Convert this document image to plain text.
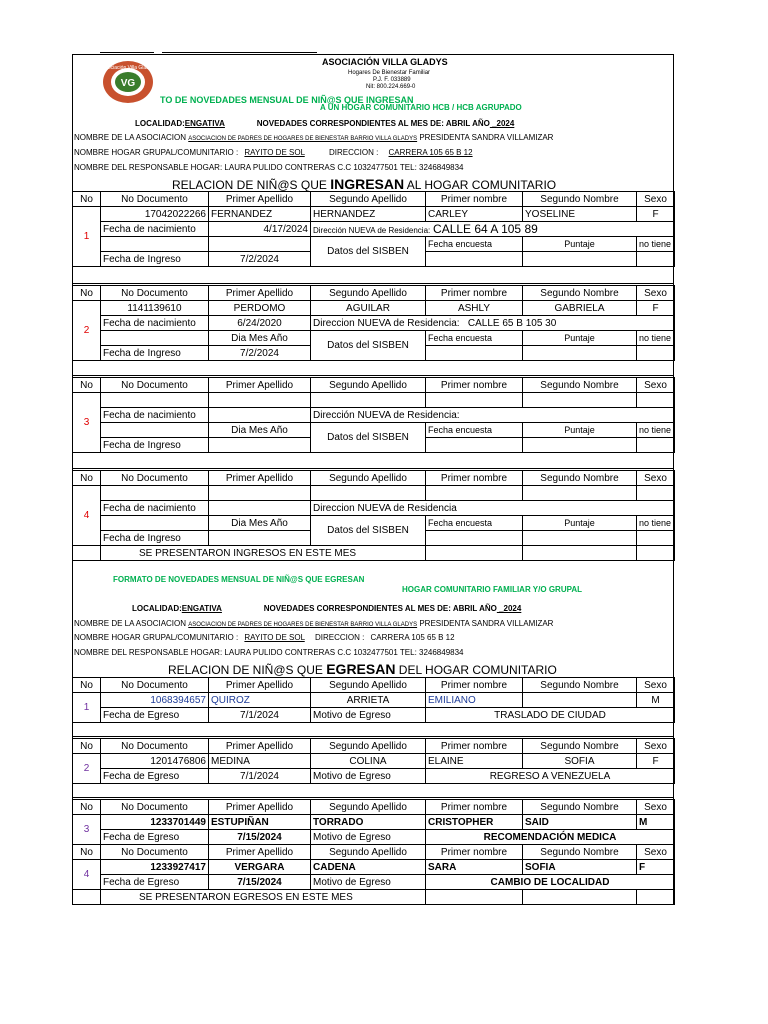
VG
Asociación Villa Gladys
ASOCIACIÓN VILLA GLADYS
Hogares De Bienestar Familiar
P.J. F. 033889
Nit: 800.224.669-0
TO DE NOVEDADES MENSUAL DE NIÑ@S QUE INGRESAN
A UN HOGAR COMUNITARIO HCB / HCB AGRUPADO
LOCALIDAD:ENGATIVA	NOVEDADES CORRESPONDIENTES AL MES DE: ABRIL AÑO _2024
NOMBRE DE LA ASOCIACION ASOCIACION DE PADRES DE HOGARES DE BIENESTAR BARRIO VILLA GLADYS PRESIDENTA SANDRA VILLAMIZAR
NOMBRE HOGAR GRUPAL/COMUNITARIO : RAYITO DE SOL	DIRECCION : CARRERA 105 65 B 12
NOMBRE DEL RESPONSABLE HOGAR: LAURA PULIDO CONTRERAS C.C 1032477501 TEL: 3246849834
RELACION DE NIÑ@S QUE INGRESAN AL HOGAR COMUNITARIO
No	No Documento	Primer Apellido	Segundo Apellido	Primer nombre	Segundo Nombre	Sexo
1	17042022266	FERNANDEZ	HERNANDEZ	CARLEY	YOSELINE	F
	Fecha de nacimiento	4/17/2024	Dirección NUEVA de Residencia: CALLE 64 A 105 89			
			Datos del SISBEN	Fecha encuesta	Puntaje	no tiene
	Fecha de Ingreso	7/2/2024				
No	No Documento	Primer Apellido	Segundo Apellido	Primer nombre	Segundo Nombre	Sexo
2	1141139610	PERDOMO	AGUILAR	ASHLY	GABRIELA	F
	Fecha de nacimiento	6/24/2020	Direccion NUEVA de Residencia: CALLE 65 B 105 30			
		Dia Mes Año	Datos del SISBEN	Fecha encuesta	Puntaje	no tiene
	Fecha de Ingreso	7/2/2024				
No	No Documento	Primer Apellido	Segundo Apellido	Primer nombre	Segundo Nombre	Sexo
3						
	Fecha de nacimiento		Dirección NUEVA de Residencia:			
		Dia Mes Año	Datos del SISBEN	Fecha encuesta	Puntaje	no tiene
	Fecha de Ingreso					
No	No Documento	Primer Apellido	Segundo Apellido	Primer nombre	Segundo Nombre	Sexo
4						
	Fecha de nacimiento		Direccion NUEVA de Residencia			
		Dia Mes Año	Datos del SISBEN	Fecha encuesta	Puntaje	no tiene
	Fecha de Ingreso					
	SE PRESENTARON INGRESOS EN ESTE MES					
FORMATO DE NOVEDADES MENSUAL DE NIÑ@S QUE EGRESAN
HOGAR COMUNITARIO FAMILIAR Y/O GRUPAL
LOCALIDAD:ENGATIVA	NOVEDADES CORRESPONDIENTES AL MES DE: ABRIL AÑO _2024
NOMBRE DE LA ASOCIACION ASOCIACION DE PADRES DE HOGARES DE BIENESTAR BARRIO VILLA GLADYS PRESIDENTA SANDRA VILLAMIZAR
NOMBRE HOGAR GRUPAL/COMUNITARIO : RAYITO DE SOL DIRECCION : CARRERA 105 65 B 12
NOMBRE DEL RESPONSABLE HOGAR: LAURA PULIDO CONTRERAS C.C 1032477501 TEL: 3246849834
RELACION DE NIÑ@S QUE EGRESAN DEL HOGAR COMUNITARIO
No	No Documento	Primer Apellido	Segundo Apellido	Primer nombre	Segundo Nombre	Sexo
1	1068394657	QUIROZ	ARRIETA	EMILIANO		M
	Fecha de Egreso	7/1/2024	Motivo de Egreso	TRASLADO DE CIUDAD		
No	No Documento	Primer Apellido	Segundo Apellido	Primer nombre	Segundo Nombre	Sexo
2	1201476806	MEDINA	COLINA	ELAINE	SOFIA	F
	Fecha de Egreso	7/1/2024	Motivo de Egreso	REGRESO A VENEZUELA		
No	No Documento	Primer Apellido	Segundo Apellido	Primer nombre	Segundo Nombre	Sexo
3	1233701449	ESTUPIÑAN	TORRADO	CRISTOPHER	SAID	M
	Fecha de Egreso	7/15/2024	Motivo de Egreso	RECOMENDACIÓN MEDICA		
No	No Documento	Primer Apellido	Segundo Apellido	Primer nombre	Segundo Nombre	Sexo
4	1233927417	VERGARA	CADENA	SARA	SOFIA	F
	Fecha de Egreso	7/15/2024	Motivo de Egreso	CAMBIO DE LOCALIDAD		
	SE PRESENTARON EGRESOS EN ESTE MES					
